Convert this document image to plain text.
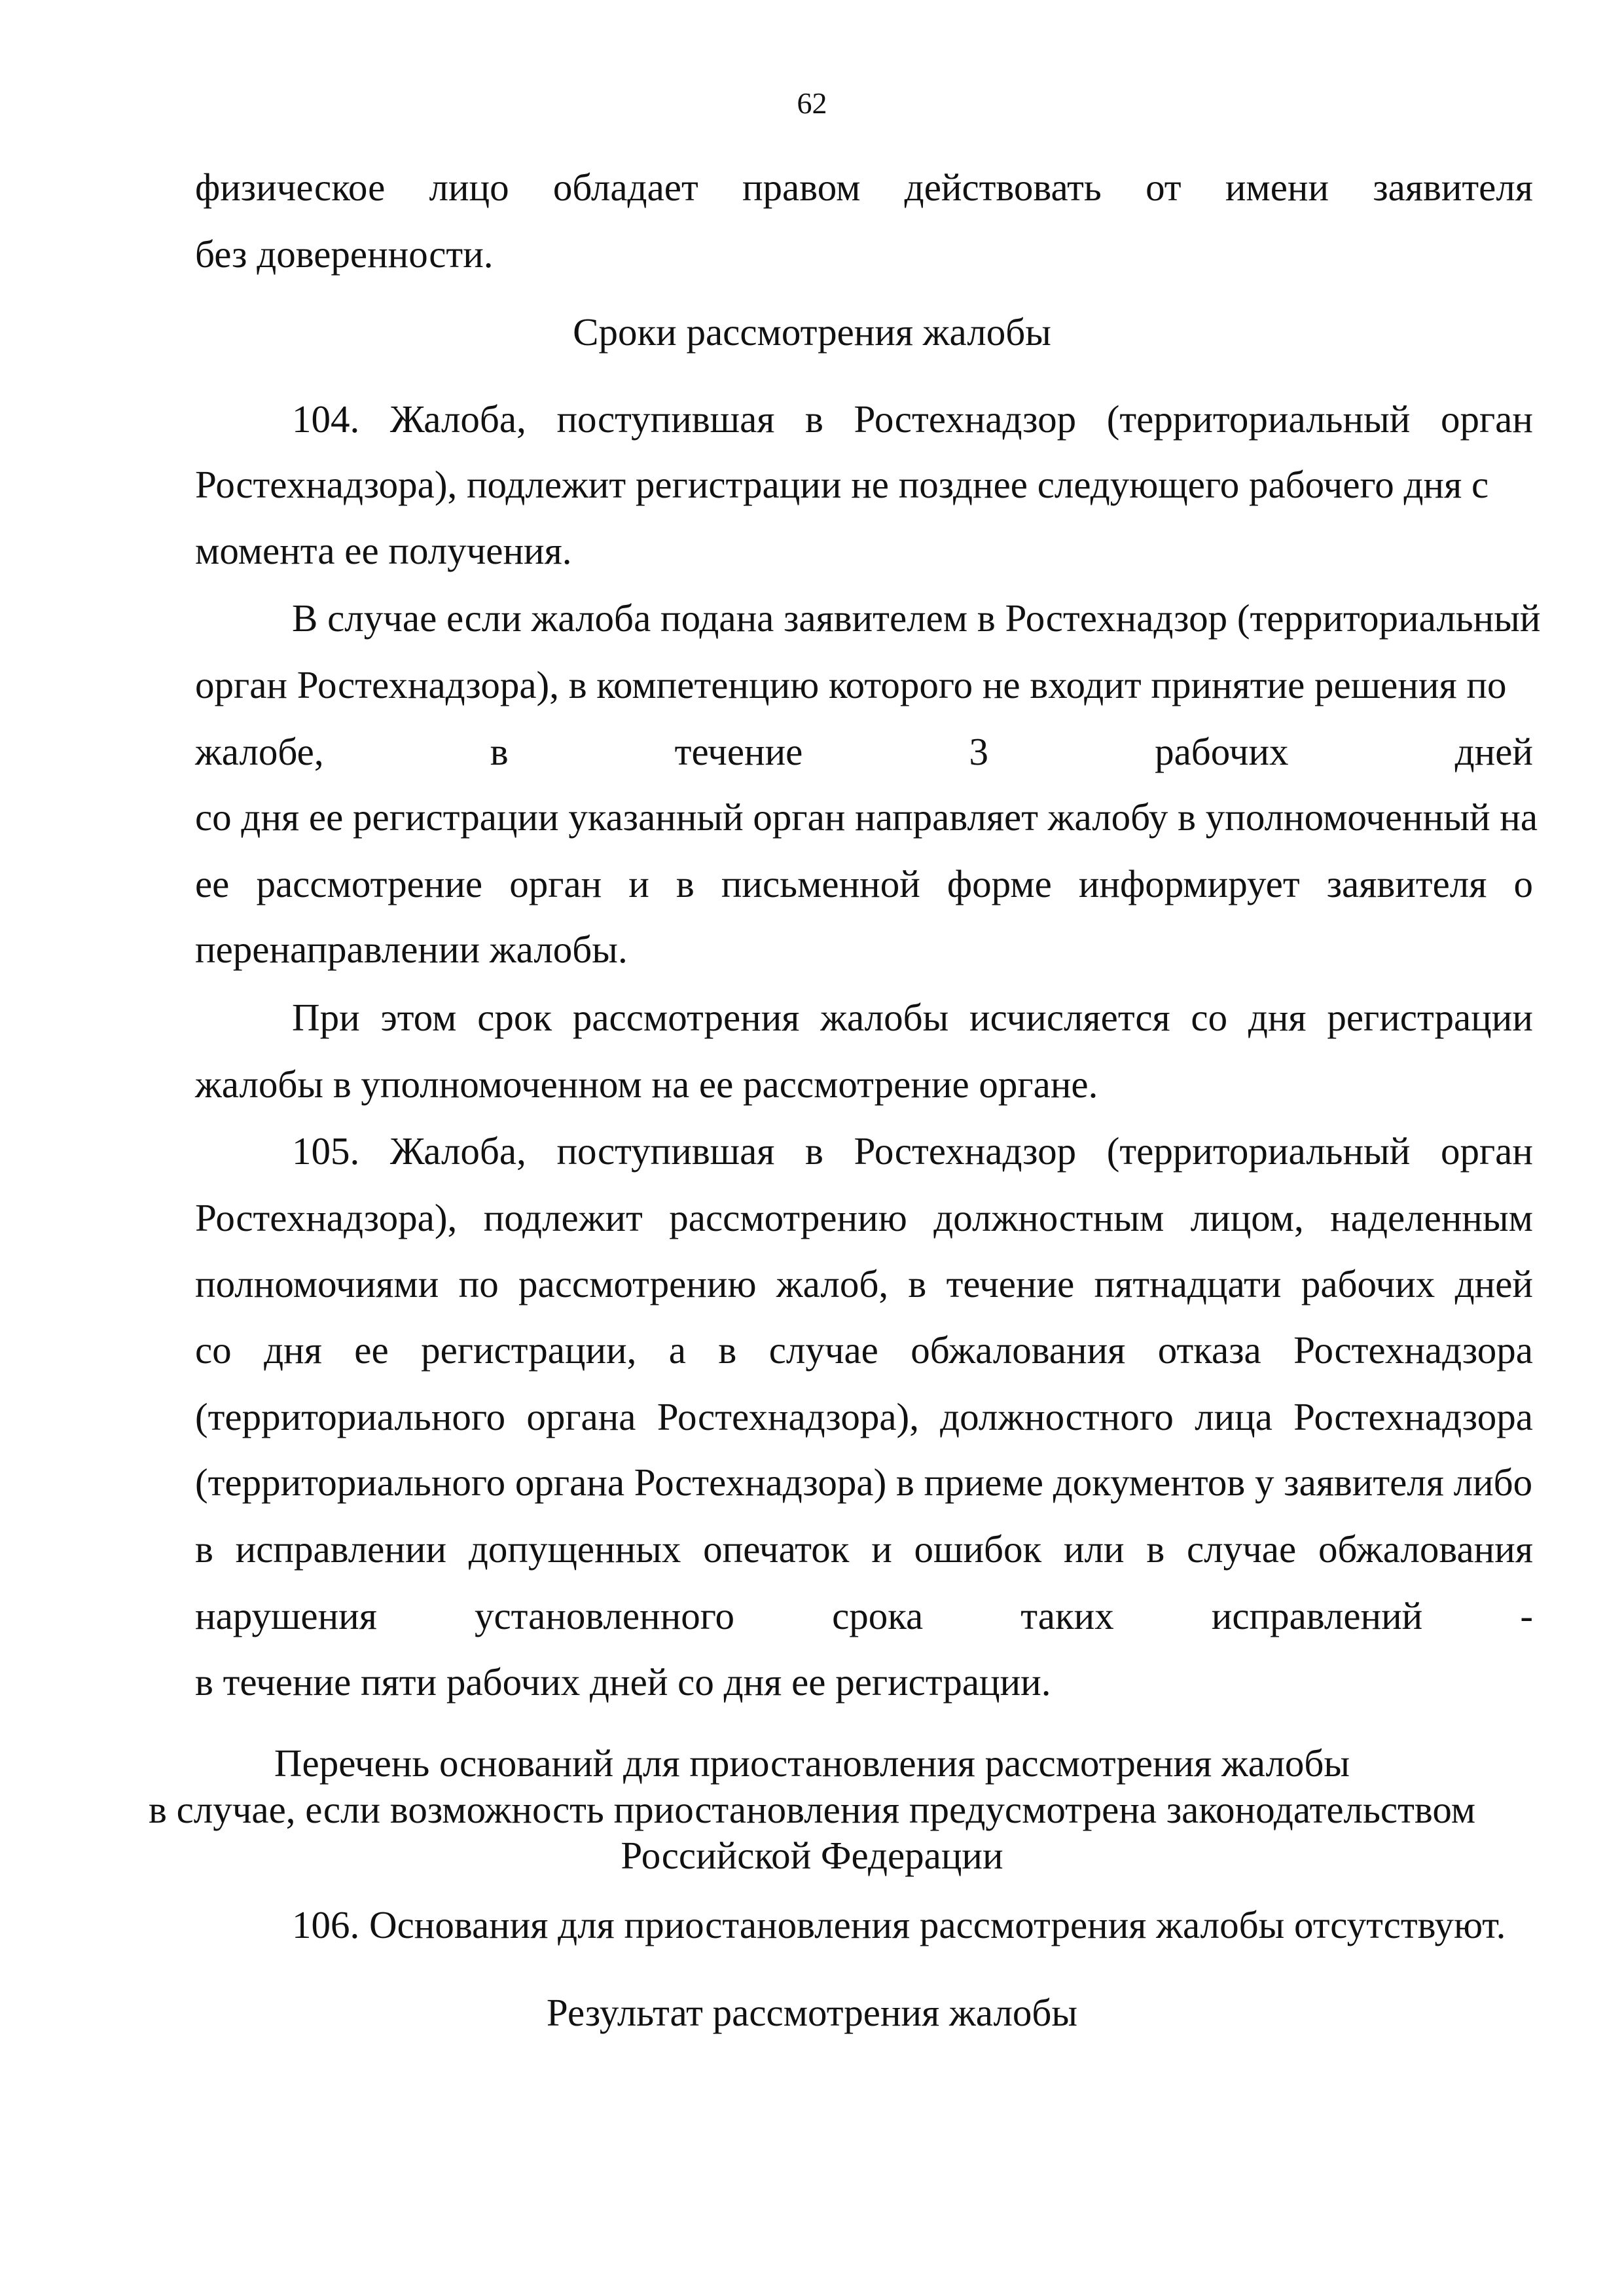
62
физическое лицо обладает правом действовать от имени заявителя
без доверенности.
Сроки рассмотрения жалобы
104. Жалоба, поступившая в Ростехнадзор (территориальный орган
Ростехнадзора), подлежит регистрации не позднее следующего рабочего дня с
момента ее получения.
В случае если жалоба подана заявителем в Ростехнадзор (территориальный
орган Ростехнадзора), в компетенцию которого не входит принятие решения по
жалобе,	в	течение	3	рабочих	дней
со дня ее регистрации указанный орган направляет жалобу в уполномоченный на
ее рассмотрение орган и в письменной форме информирует заявителя о
перенаправлении жалобы.
При этом срок рассмотрения жалобы исчисляется со дня регистрации
жалобы в уполномоченном на ее рассмотрение органе.
105. Жалоба, поступившая в Ростехнадзор (территориальный орган
Ростехнадзора), подлежит рассмотрению должностным лицом, наделенным
полномочиями по рассмотрению жалоб, в течение пятнадцати рабочих дней
со дня ее регистрации, а в случае обжалования отказа Ростехнадзора
(территориального органа Ростехнадзора), должностного лица Ростехнадзора
(территориального органа Ростехнадзора) в приеме документов у заявителя либо
в исправлении допущенных опечаток и ошибок или в случае обжалования
нарушения	установленного	срока	таких	исправлений	-
в течение пяти рабочих дней со дня ее регистрации.
Перечень оснований для приостановления рассмотрения жалобы
в случае, если возможность приостановления предусмотрена законодательством
Российской Федерации
106. Основания для приостановления рассмотрения жалобы отсутствуют.
Результат рассмотрения жалобы
